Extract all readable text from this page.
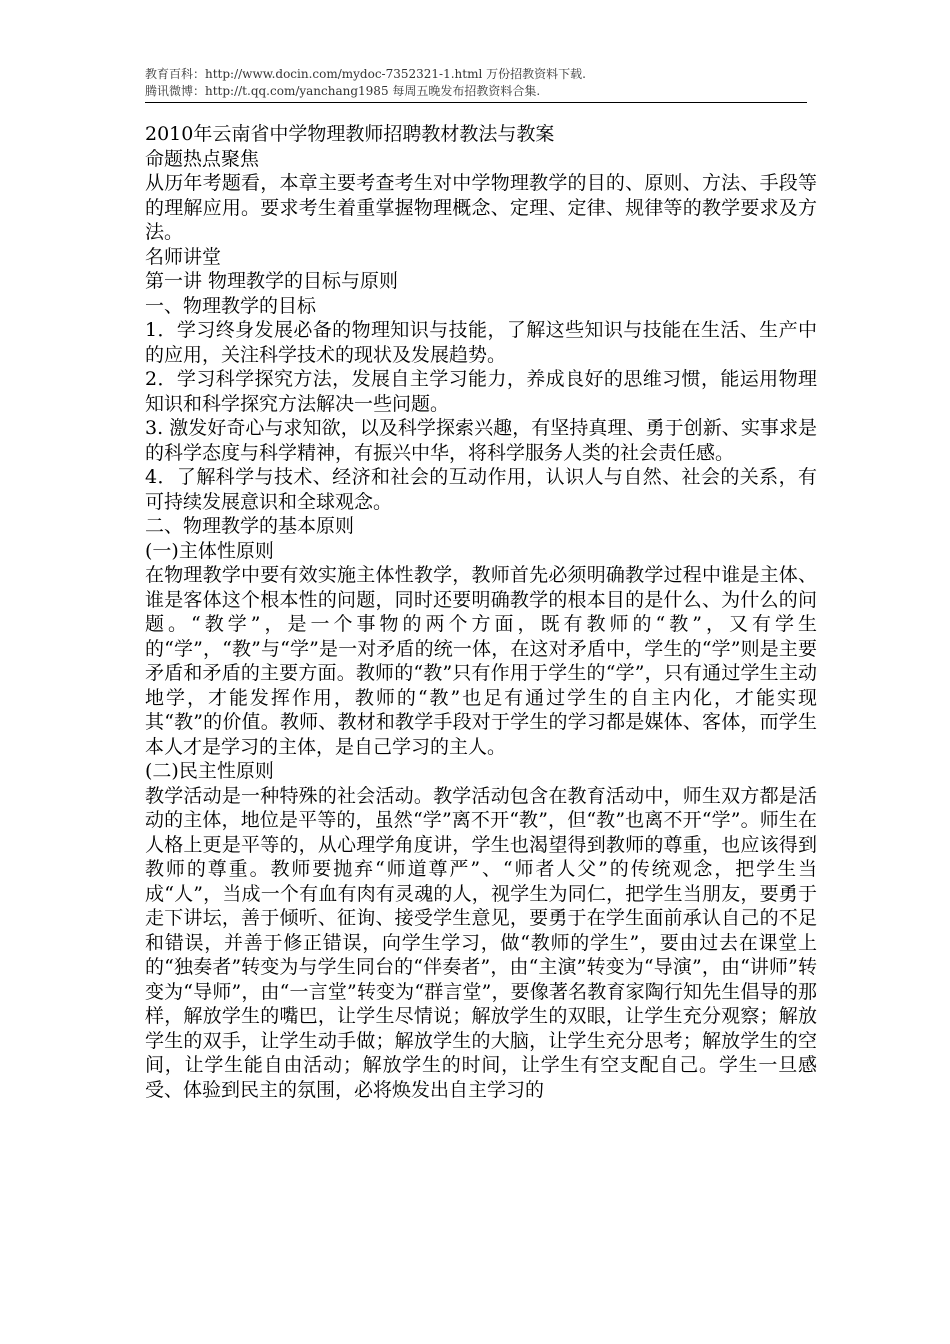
教育百科：http://www.docin.com/mydoc-7352321-1.html 万份招教资料下载.
腾讯微博：http://t.qq.com/yanchang1985 每周五晚发布招教资料合集.

2010年云南省中学物理教师招聘教材教法与教案

命题热点聚焦

从历年考题看，本章主要考查考生对中学物理教学的目的、原则、方法、手段等的理解应用。要求考生着重掌握物理概念、定理、定律、规律等的教学要求及方法。

名师讲堂

第一讲 物理教学的目标与原则

一、物理教学的目标

1．学习终身发展必备的物理知识与技能，了解这些知识与技能在生活、生产中的应用，关注科学技术的现状及发展趋势。

2．学习科学探究方法，发展自主学习能力，养成良好的思维习惯，能运用物理知识和科学探究方法解决一些问题。

3. 激发好奇心与求知欲，以及科学探索兴趣，有坚持真理、勇于创新、实事求是的科学态度与科学精神，有振兴中华，将科学服务人类的社会责任感。

4．了解科学与技术、经济和社会的互动作用，认识人与自然、社会的关系，有可持续发展意识和全球观念。

二、物理教学的基本原则

(一)主体性原则

在物理教学中要有效实施主体性教学，教师首先必须明确教学过程中谁是主体、谁是客体这个根本性的问题，同时还要明确教学的根本目的是什么、为什么的问题。“教学”，是一个事物的两个方面，既有教师的“教”，又有学生的“学”，“教”与“学”是一对矛盾的统一体，在这对矛盾中，学生的“学”则是主要矛盾和矛盾的主要方面。教师的“教”只有作用于学生的“学”，只有通过学生主动地学，才能发挥作用，教师的“教”也足有通过学生的自主内化，才能实现其“教”的价值。教师、教材和教学手段对于学生的学习都是媒体、客体，而学生本人才是学习的主体，是自己学习的主人。

(二)民主性原则

教学活动是一种特殊的社会活动。教学活动包含在教育活动中，师生双方都是活动的主体，地位是平等的，虽然“学”离不开“教”，但“教”也离不开“学”。师生在人格上更是平等的，从心理学角度讲，学生也渴望得到教师的尊重，也应该得到教师的尊重。教师要抛弃“师道尊严”、“师者人父”的传统观念，把学生当成“人”，当成一个有血有肉有灵魂的人，视学生为同仁，把学生当朋友，要勇于走下讲坛，善于倾听、征询、接受学生意见，要勇于在学生面前承认自己的不足和错误，并善于修正错误，向学生学习，做“教师的学生”，要由过去在课堂上的“独奏者”转变为与学生同台的“伴奏者”，由“主演”转变为“导演”，由“讲师”转变为“导师”，由“一言堂”转变为“群言堂”，要像著名教育家陶行知先生倡导的那样，解放学生的嘴巴，让学生尽情说；解放学生的双眼，让学生充分观察；解放学生的双手，让学生动手做；解放学生的大脑，让学生充分思考；解放学生的空间，让学生能自由活动；解放学生的时间，让学生有空支配自己。学生一旦感受、体验到民主的氛围，必将焕发出自主学习的
